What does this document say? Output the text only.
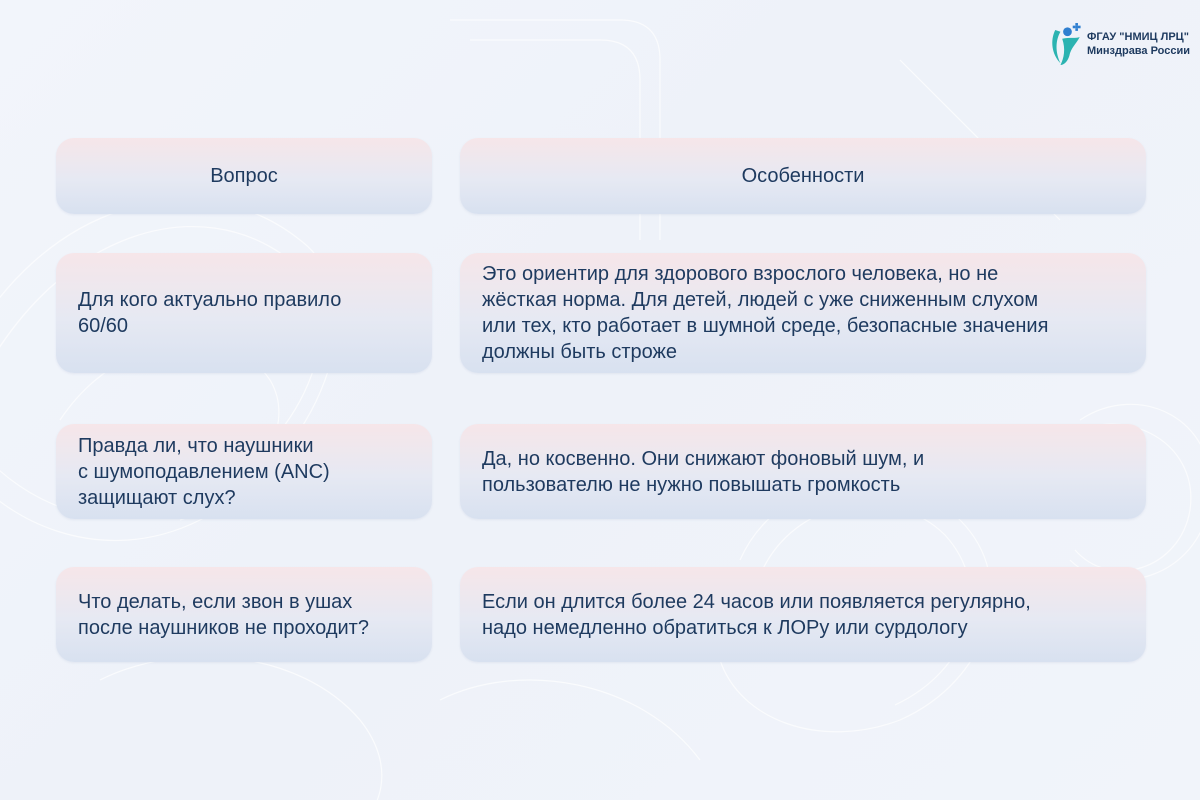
ФГАУ "НМИЦ ЛРЦ"
Минздрава России
Вопрос	Особенности
Для кого актуально правило
60/60
Это ориентир для здорового взрослого человека, но не
жёсткая норма. Для детей, людей с уже сниженным слухом
или тех, кто работает в шумной среде, безопасные значения
должны быть строже
Правда ли, что наушники
с шумоподавлением (ANC)
защищают слух?
Да, но косвенно. Они снижают фоновый шум, и
пользователю не нужно повышать громкость
Что делать, если звон в ушах
после наушников не проходит?
Если он длится более 24 часов или появляется регулярно,
надо немедленно обратиться к ЛОРу или сурдологу
